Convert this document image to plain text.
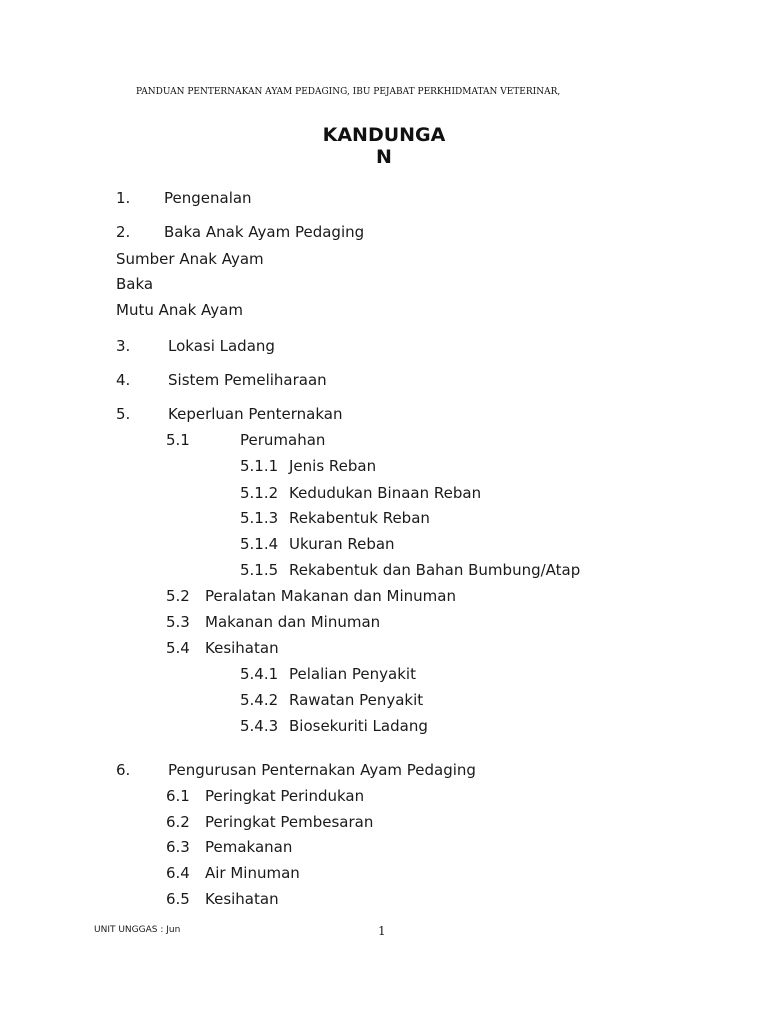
PANDUAN PENTERNAKAN AYAM PEDAGING, IBU PEJABAT PERKHIDMATAN VETERINAR,
KANDUNGA
N
1. Pengenalan
2. Baka Anak Ayam Pedaging
Sumber Anak Ayam
Baka
Mutu Anak Ayam
3.	Lokasi Ladang
4.	Sistem Pemeliharaan
5.	Keperluan Penternakan
5.1	Perumahan
5.1.1 Jenis Reban
5.1.2 Kedudukan Binaan Reban
5.1.3 Rekabentuk Reban
5.1.4 Ukuran Reban
5.1.5 Rekabentuk dan Bahan Bumbung/Atap
5.2 Peralatan Makanan dan Minuman
5.3 Makanan dan Minuman
5.4 Kesihatan
5.4.1 Pelalian Penyakit
5.4.2 Rawatan Penyakit
5.4.3 Biosekuriti Ladang
6.	Pengurusan Penternakan Ayam Pedaging
6.1 Peringkat Perindukan
6.2 Peringkat Pembesaran
6.3 Pemakanan
6.4 Air Minuman
6.5 Kesihatan
UNIT UNGGAS : Jun	1
